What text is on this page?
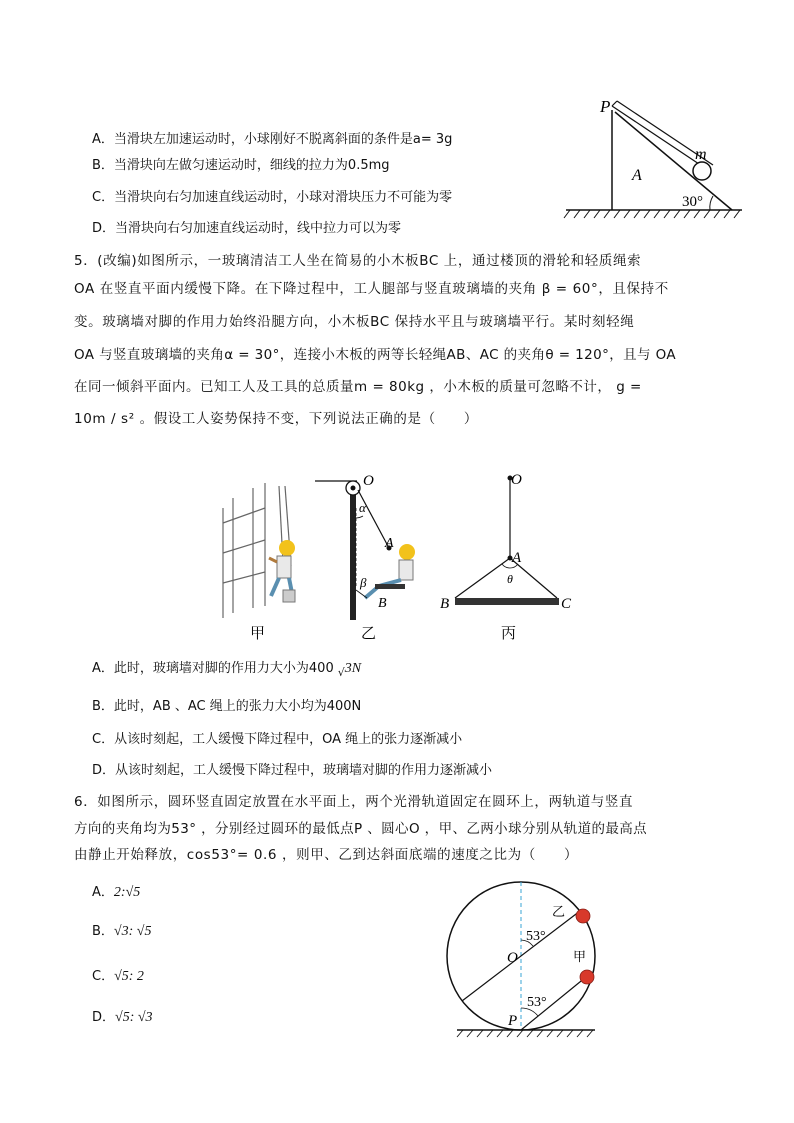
A．当滑块左加速运动时，小球刚好不脱离斜面的条件是a= 3g
B．当滑块向左做匀速运动时，细线的拉力为0.5mg
C．当滑块向右匀加速直线运动时，小球对滑块压力不可能为零
D．当滑块向右匀加速直线运动时，线中拉力可以为零
P
m
A
30°
5．(改编)如图所示，一玻璃清洁工人坐在简易的小木板BC 上，通过楼顶的滑轮和轻质绳索
OA 在竖直平面内缓慢下降。在下降过程中，工人腿部与竖直玻璃墙的夹角 β = 60°，且保持不
变。玻璃墙对脚的作用力始终沿腿方向，小木板BC 保持水平且与玻璃墙平行。某时刻轻绳
OA 与竖直玻璃墙的夹角α = 30°，连接小木板的两等长轻绳AB、AC 的夹角θ = 120°，且与 OA
在同一倾斜平面内。已知工人及工具的总质量m = 80kg ，小木板的质量可忽略不计， g =
10m / s² 。假设工人姿势保持不变，下列说法正确的是（　　）
O
α
A
β
B
O
A
θ
B	C
甲	乙	丙
A．此时，玻璃墙对脚的作用力大小为400 $_√$3N
B．此时，AB 、AC 绳上的张力大小均为400N
C．从该时刻起，工人缓慢下降过程中，OA 绳上的张力逐渐减小
D．从该时刻起，工人缓慢下降过程中，玻璃墙对脚的作用力逐渐减小
6．如图所示，圆环竖直固定放置在水平面上，两个光滑轨道固定在圆环上，两轨道与竖直
方向的夹角均为53° ，分别经过圆环的最低点P 、圆心O ，甲、乙两小球分别从轨道的最高点
由静止开始释放，cos53°= 0.6 ，则甲、乙到达斜面底端的速度之比为（　　）
A．2:√5
B．√3: √5
C．√5: 2
D．√5: √3
O
P
乙
甲
53°
53°
